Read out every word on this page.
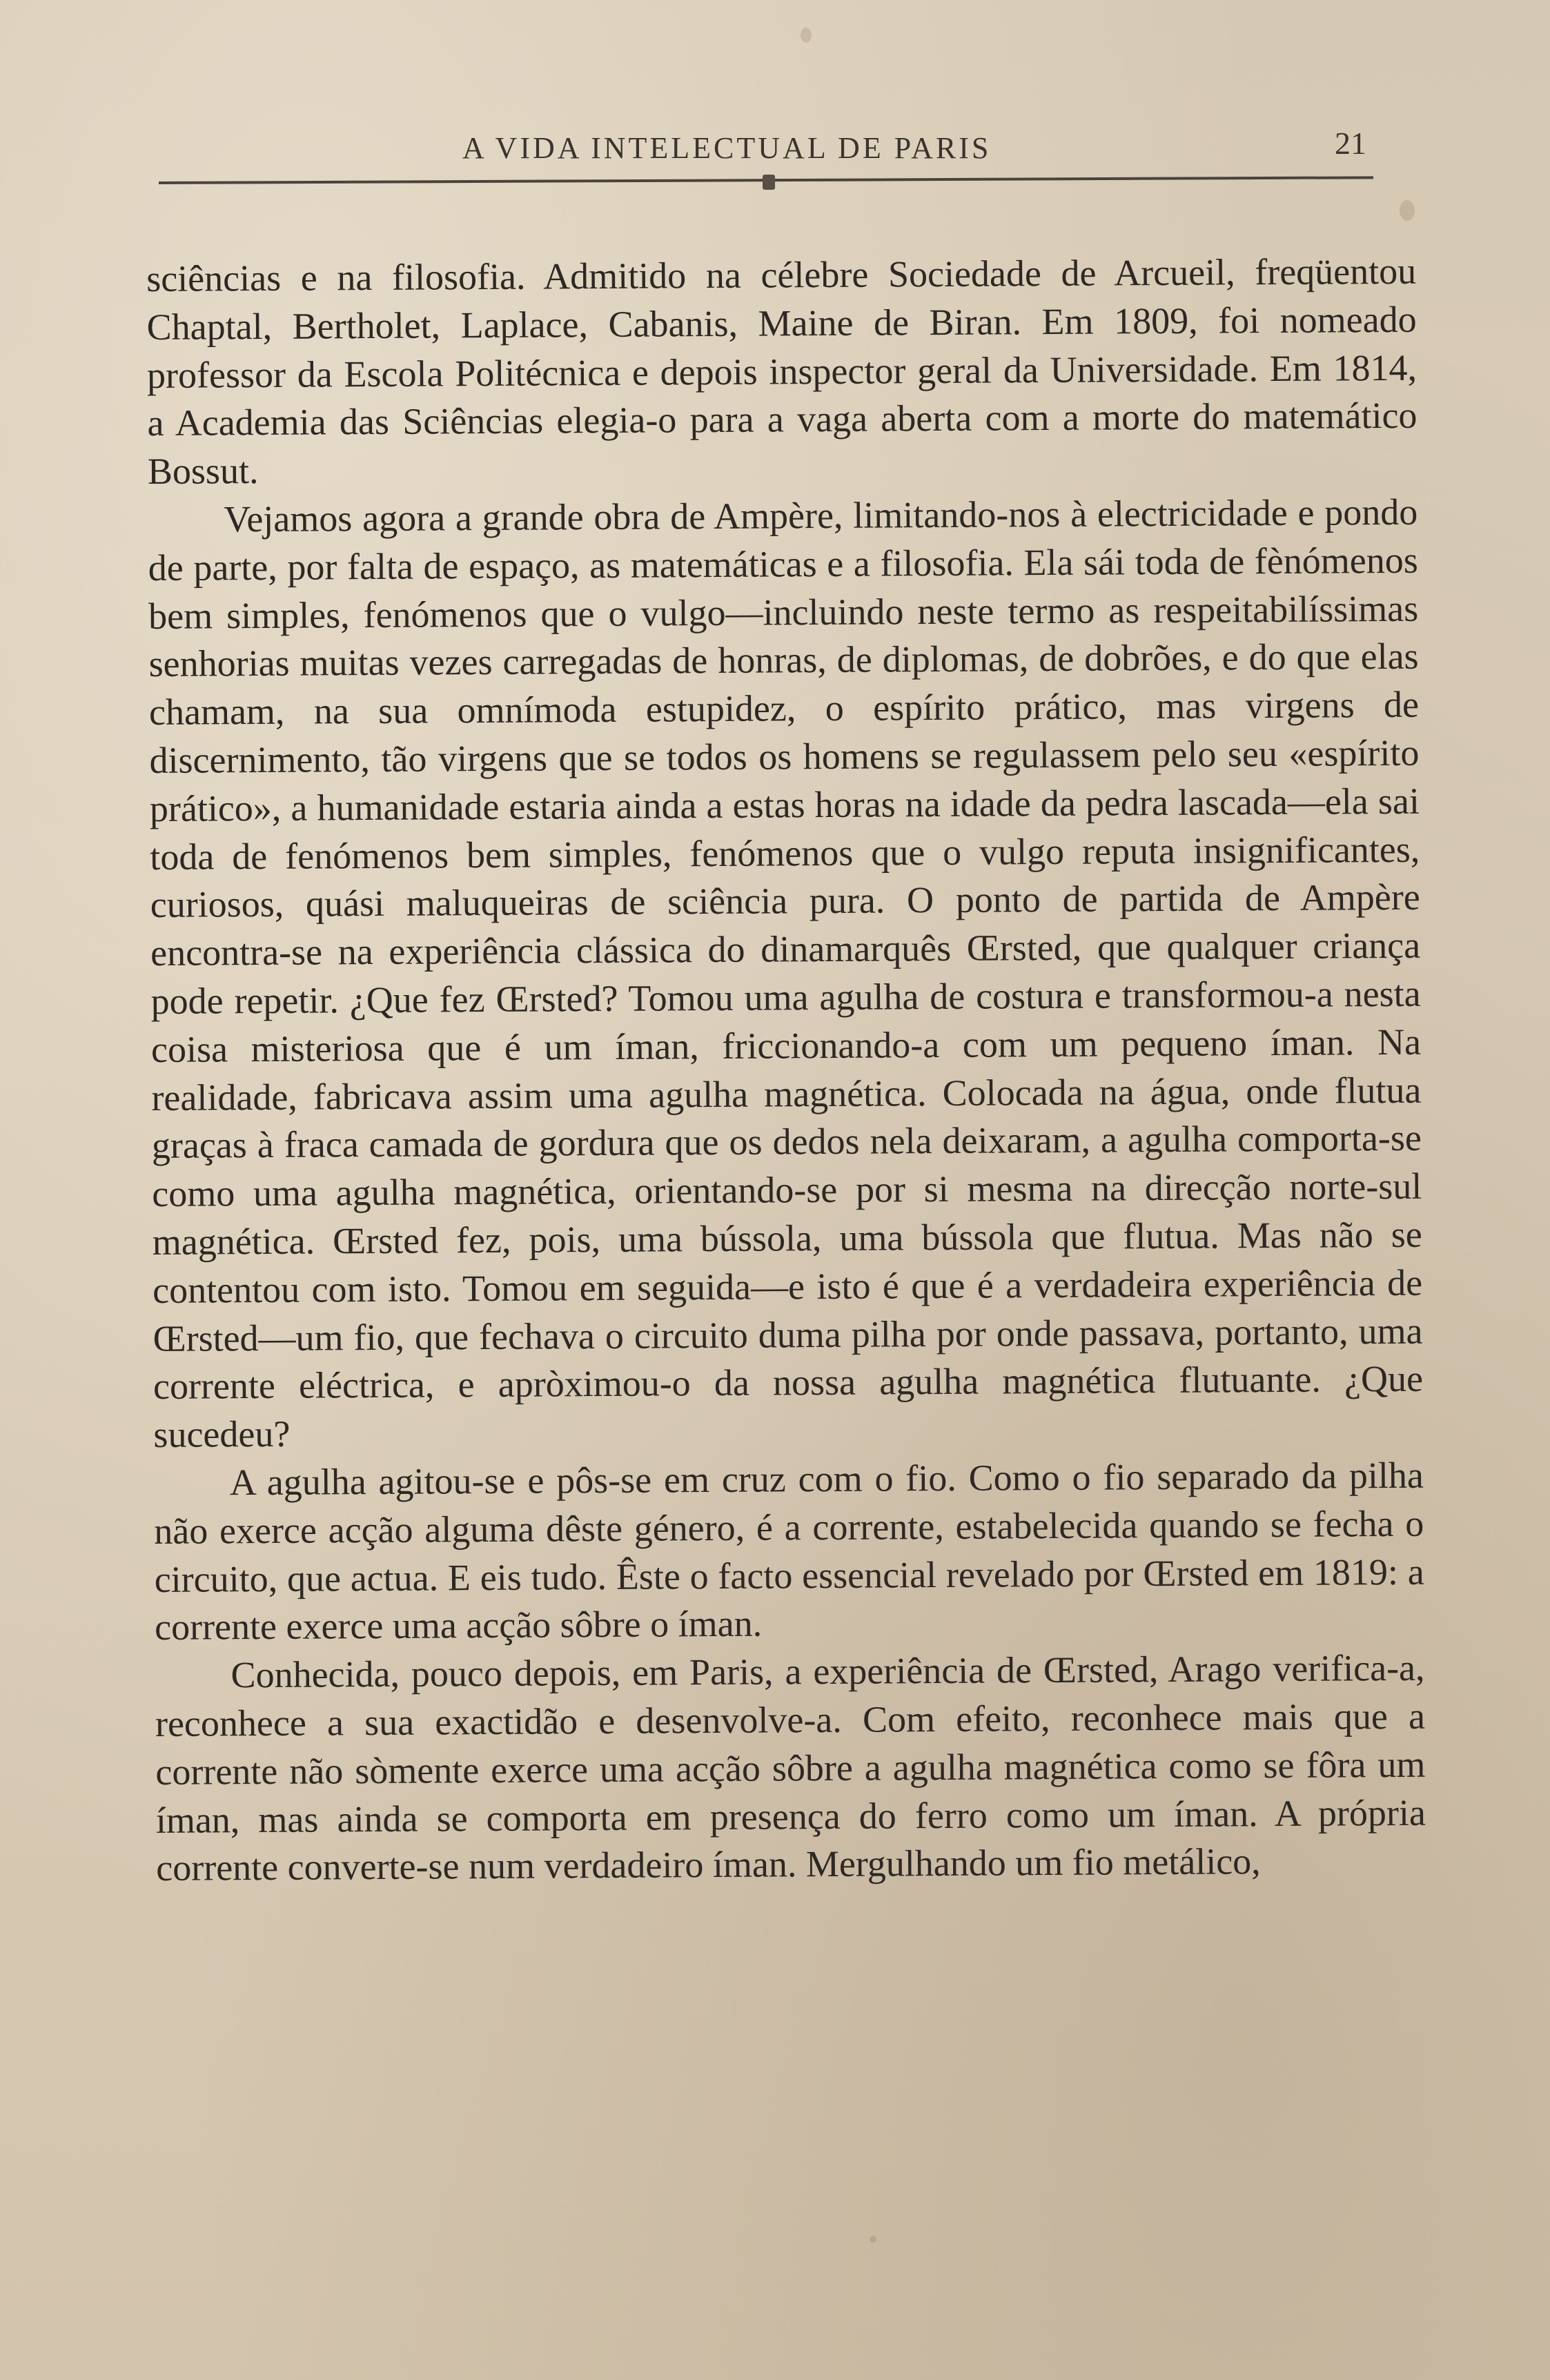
A VIDA INTELECTUAL DE PARIS	21

sciências e na filosofia. Admitido na célebre Sociedade de Arcueil, freqüentou Chaptal, Bertholet, Laplace, Cabanis, Maine de Biran. Em 1809, foi nomeado professor da Escola Politécnica e depois inspector geral da Universidade. Em 1814, a Academia das Sciências elegia-o para a vaga aberta com a morte do matemático Bossut.

Vejamos agora a grande obra de Ampère, limitando-nos à electricidade e pondo de parte, por falta de espaço, as matemáticas e a filosofia. Ela sái toda de fènómenos bem simples, fenómenos que o vulgo—incluindo neste termo as respeitabilíssimas senhorias muitas vezes carregadas de honras, de diplomas, de dobrões, e do que elas chamam, na sua omnímoda estupidez, o espírito prático, mas virgens de discernimento, tão virgens que se todos os homens se regulassem pelo seu «espírito prático», a humanidade estaria ainda a estas horas na idade da pedra lascada—ela sai toda de fenómenos bem simples, fenómenos que o vulgo reputa insignificantes, curiosos, quási maluqueiras de sciência pura. O ponto de partida de Ampère encontra-se na experiência clássica do dinamarquês Œrsted, que qualquer criança pode repetir. ¿Que fez Œrsted? Tomou uma agulha de costura e transformou-a nesta coisa misteriosa que é um íman, friccionando-a com um pequeno íman. Na realidade, fabricava assim uma agulha magnética. Colocada na água, onde flutua graças à fraca camada de gordura que os dedos nela deixaram, a agulha comporta-se como uma agulha magnética, orientando-se por si mesma na direcção norte-sul magnética. Œrsted fez, pois, uma bússola, uma bússola que flutua. Mas não se contentou com isto. Tomou em seguida—e isto é que é a verdadeira experiência de Œrsted—um fio, que fechava o circuito duma pilha por onde passava, portanto, uma corrente eléctrica, e apròximou-o da nossa agulha magnética flutuante. ¿Que sucedeu?

A agulha agitou-se e pôs-se em cruz com o fio. Como o fio separado da pilha não exerce acção alguma dêste género, é a corrente, estabelecida quando se fecha o circuito, que actua. E eis tudo. Êste o facto essencial revelado por Œrsted em 1819: a corrente exerce uma acção sôbre o íman.

Conhecida, pouco depois, em Paris, a experiência de Œrsted, Arago verifica-a, reconhece a sua exactidão e desenvolve-a. Com efeito, reconhece mais que a corrente não sòmente exerce uma acção sôbre a agulha magnética como se fôra um íman, mas ainda se comporta em presença do ferro como um íman. A própria corrente converte-se num verdadeiro íman. Mergulhando um fio metálico,
